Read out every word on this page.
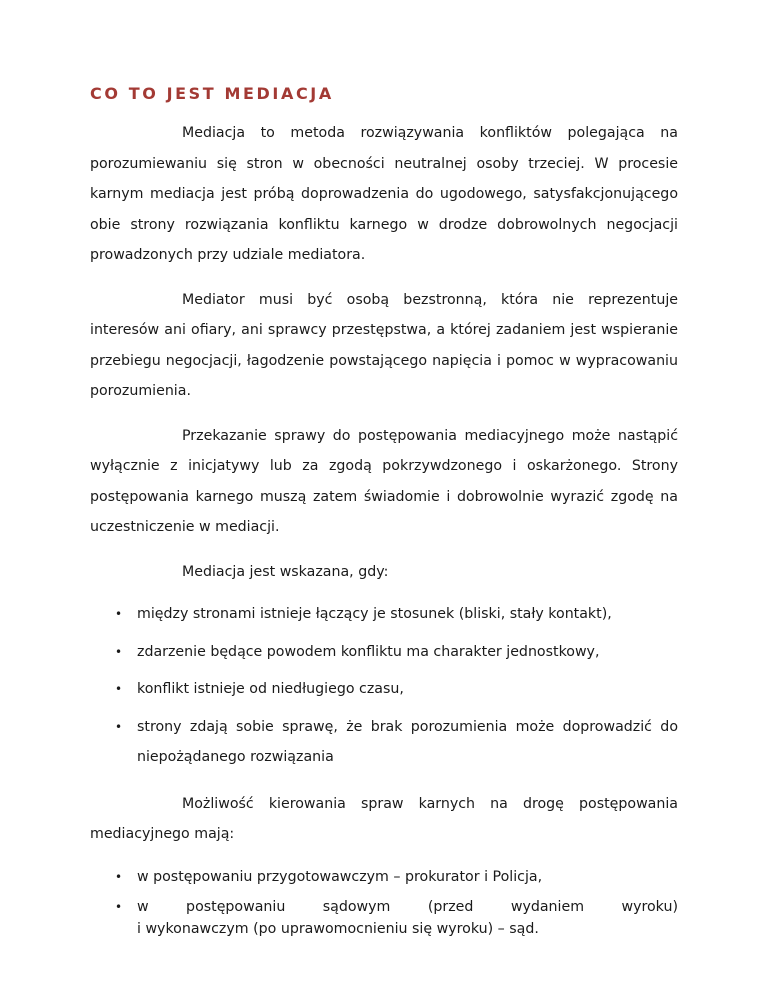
CO TO JEST MEDIACJA

Mediacja to metoda rozwiązywania konfliktów polegająca na porozumiewaniu się stron w obecności neutralnej osoby trzeciej. W procesie karnym mediacja jest próbą doprowadzenia do ugodowego, satysfakcjonującego obie strony rozwiązania konfliktu karnego w drodze dobrowolnych negocjacji prowadzonych przy udziale mediatora.

Mediator musi być osobą bezstronną, która nie reprezentuje interesów ani ofiary, ani sprawcy przestępstwa, a której zadaniem jest wspieranie przebiegu negocjacji, łagodzenie powstającego napięcia i pomoc w wypracowaniu porozumienia.

Przekazanie sprawy do postępowania mediacyjnego może nastąpić wyłącznie z inicjatywy lub za zgodą pokrzywdzonego i oskarżonego. Strony postępowania karnego muszą zatem świadomie i dobrowolnie wyrazić zgodę na uczestniczenie w mediacji.

Mediacja jest wskazana, gdy:

• między stronami istnieje łączący je stosunek (bliski, stały kontakt),
• zdarzenie będące powodem konfliktu ma charakter jednostkowy,
• konflikt istnieje od niedługiego czasu,
• strony zdają sobie sprawę, że brak porozumienia może doprowadzić do niepożądanego rozwiązania

Możliwość kierowania spraw karnych na drogę postępowania mediacyjnego mają:

• w postępowaniu przygotowawczym – prokurator i Policja,
• w postępowaniu sądowym (przed wydaniem wyroku)
i wykonawczym (po uprawomocnieniu się wyroku) – sąd.
